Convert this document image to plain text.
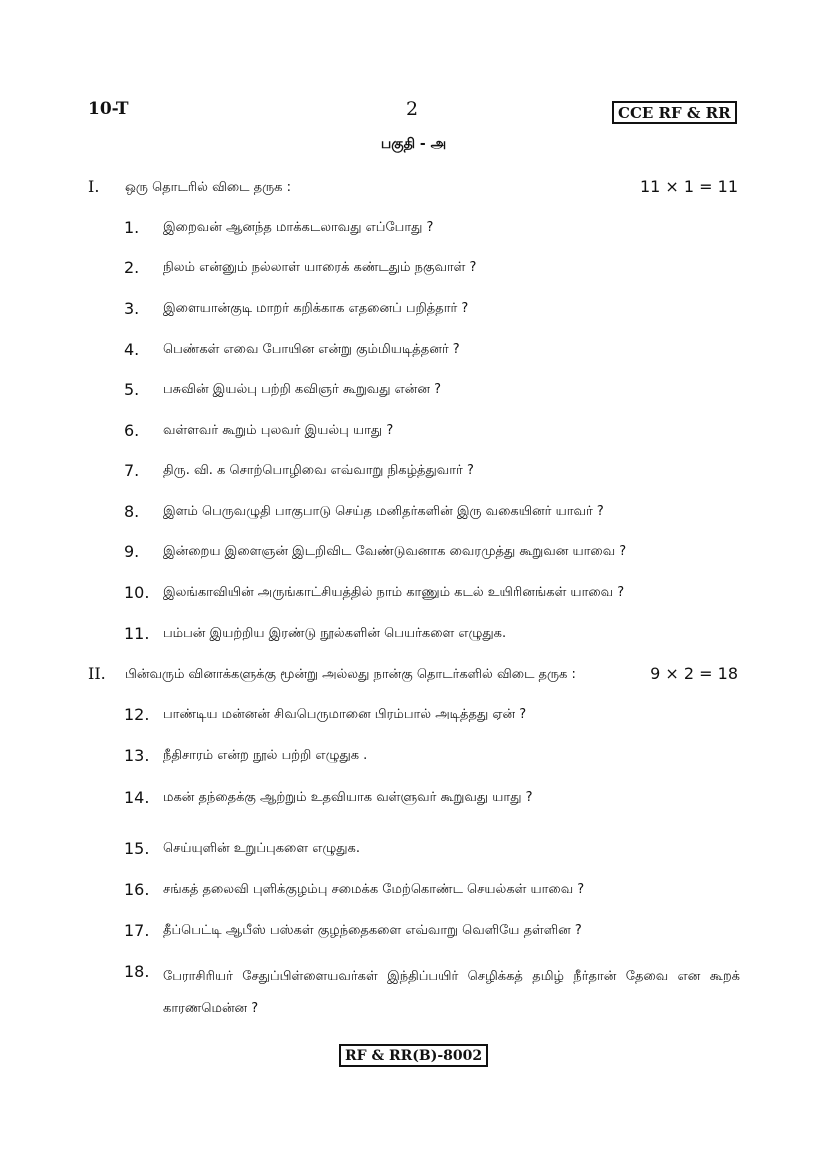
10-T	2	CCE RF & RR
பகுதி - அ
I. ஒரு தொடரில் விடை தருக :	11 × 1 = 11
1. இறைவன் ஆனந்த மாக்கடலாவது எப்போது ?
2. நிலம் என்னும் நல்லாள் யாரைக் கண்டதும் நகுவாள் ?
3. இளையான்குடி மாறர் கறிக்காக எதனைப் பறித்தார் ?
4. பெண்கள் எவை போயின என்று கும்மியடித்தனர் ?
5. பசுவின் இயல்பு பற்றி கவிஞர் கூறுவது என்ன ?
6. வள்ளவர் கூறும் புலவர் இயல்பு யாது ?
7. திரு. வி. க சொற்பொழிவை எவ்வாறு நிகழ்த்துவார் ?
8. இளம் பெருவழுதி பாகுபாடு செய்த மனிதர்களின் இரு வகையினர் யாவர் ?
9. இன்றைய இளைஞன் இடறிவிட வேண்டுவனாக வைரமுத்து கூறுவன யாவை ?
10. இலங்காவியின் அருங்காட்சியத்தில் நாம் காணும் கடல் உயிரினங்கள் யாவை ?
11. பம்பன் இயற்றிய இரண்டு நூல்களின் பெயர்களை எழுதுக.
II. பின்வரும் வினாக்களுக்கு மூன்று அல்லது நான்கு தொடர்களில் விடை தருக :	9 × 2 = 18
12. பாண்டிய மன்னன் சிவபெருமானை பிரம்பால் அடித்தது ஏன் ?
13. நீதிசாரம் என்ற நூல் பற்றி எழுதுக .
14. மகன் தந்தைக்கு ஆற்றும் உதவியாக வள்ளுவர் கூறுவது யாது ?
15. செய்யுளின் உறுப்புகளை எழுதுக.
16. சங்கத் தலைவி புளிக்குழம்பு சமைக்க மேற்கொண்ட செயல்கள் யாவை ?
17. தீப்பெட்டி ஆபீஸ் பஸ்கள் குழந்தைகளை எவ்வாறு வெளியே தள்ளின ?
18. பேராசிரியர் சேதுப்பிள்ளையவர்கள் இந்திப்பயிர் செழிக்கத் தமிழ் நீர்தான் தேவை என கூறக் காரணமென்ன ?
RF & RR(B)-8002
